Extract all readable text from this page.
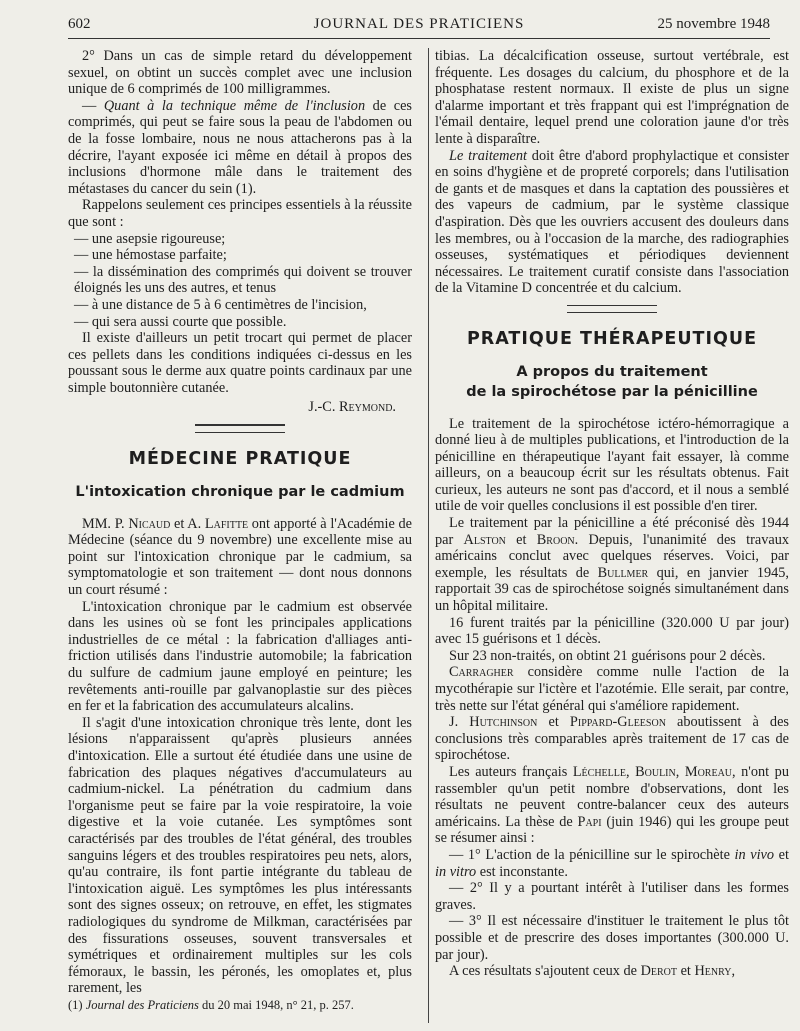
602	JOURNAL DES PRATICIENS	25 novembre 1948

2° Dans un cas de simple retard du développement sexuel, on obtint un succès complet avec une inclusion unique de 6 comprimés de 100 milligrammes.

— Quant à la technique même de l'inclusion de ces comprimés, qui peut se faire sous la peau de l'abdomen ou de la fosse lombaire, nous ne nous attacherons pas à la décrire, l'ayant exposée ici même en détail à propos des inclusions d'hormone mâle dans le traitement des métastases du cancer du sein (1).

Rappelons seulement ces principes essentiels à la réussite que sont :

— une asepsie rigoureuse;

— une hémostase parfaite;

— la dissémination des comprimés qui doivent se trouver éloignés les uns des autres, et tenus

— à une distance de 5 à 6 centimètres de l'incision,

— qui sera aussi courte que possible.

Il existe d'ailleurs un petit trocart qui permet de placer ces pellets dans les conditions indiquées ci-dessus en les poussant sous le derme aux quatre points cardinaux par une simple boutonnière cutanée.

J.-C. Reymond.

MÉDECINE PRATIQUE
L'intoxication chronique par le cadmium

MM. P. Nicaud et A. Lafitte ont apporté à l'Académie de Médecine (séance du 9 novembre) une excellente mise au point sur l'intoxication chronique par le cadmium, sa symptomatologie et son traitement — dont nous donnons un court résumé :

L'intoxication chronique par le cadmium est observée dans les usines où se font les principales applications industrielles de ce métal : la fabrication d'alliages anti-friction utilisés dans l'industrie automobile; la fabrication du sulfure de cadmium jaune employé en peinture; les revêtements anti-rouille par galvanoplastie sur des pièces en fer et la fabrication des accumulateurs alcalins.

Il s'agit d'une intoxication chronique très lente, dont les lésions n'apparaissent qu'après plusieurs années d'intoxication. Elle a surtout été étudiée dans une usine de fabrication des plaques négatives d'accumulateurs au cadmium-nickel. La pénétration du cadmium dans l'organisme peut se faire par la voie respiratoire, la voie digestive et la voie cutanée. Les symptômes sont caractérisés par des troubles de l'état général, des troubles sanguins légers et des troubles respiratoires peu nets, alors, qu'au contraire, ils font partie intégrante du tableau de l'intoxication aiguë. Les symptômes les plus intéressants sont des signes osseux; on retrouve, en effet, les stigmates radiologiques du syndrome de Milkman, caractérisées par des fissurations osseuses, souvent transversales et symétriques et ordinairement multiples sur les cols fémoraux, le bassin, les péronés, les omoplates et, plus rarement, les

(1) Journal des Praticiens du 20 mai 1948, n° 21, p. 257.

tibias. La décalcification osseuse, surtout vertébrale, est fréquente. Les dosages du calcium, du phosphore et de la phosphatase restent normaux. Il existe de plus un signe d'alarme important et très frappant qui est l'imprégnation de l'émail dentaire, lequel prend une coloration jaune d'or très lente à disparaître.

Le traitement doit être d'abord prophylactique et consister en soins d'hygiène et de propreté corporels; dans l'utilisation de gants et de masques et dans la captation des poussières et des vapeurs de cadmium, par le système classique d'aspiration. Dès que les ouvriers accusent des douleurs dans les membres, ou à l'occasion de la marche, des radiographies osseuses, systématiques et périodiques deviennent nécessaires. Le traitement curatif consiste dans l'association de la Vitamine D concentrée et du calcium.

PRATIQUE THÉRAPEUTIQUE
A propos du traitement
de la spirochétose par la pénicilline

Le traitement de la spirochétose ictéro-hémorragique a donné lieu à de multiples publications, et l'introduction de la pénicilline en thérapeutique l'ayant fait essayer, là comme ailleurs, on a beaucoup écrit sur les résultats obtenus. Fait curieux, les auteurs ne sont pas d'accord, et il nous a semblé utile de voir quelles conclusions il est possible d'en tirer.

Le traitement par la pénicilline a été préconisé dès 1944 par Alston et Broon. Depuis, l'unanimité des travaux américains conclut avec quelques réserves. Voici, par exemple, les résultats de Bullmer qui, en janvier 1945, rapportait 39 cas de spirochétose soignés simultanément dans un hôpital militaire.

16 furent traités par la pénicilline (320.000 U par jour) avec 15 guérisons et 1 décès.

Sur 23 non-traités, on obtint 21 guérisons pour 2 décès.

Carragher considère comme nulle l'action de la mycothérapie sur l'ictère et l'azotémie. Elle serait, par contre, très nette sur l'état général qui s'améliore rapidement.

J. Hutchinson et Pippard-Gleeson aboutissent à des conclusions très comparables après traitement de 17 cas de spirochétose.

Les auteurs français Léchelle, Boulin, Moreau, n'ont pu rassembler qu'un petit nombre d'observations, dont les résultats ne peuvent contre-balancer ceux des auteurs américains. La thèse de Papi (juin 1946) qui les groupe peut se résumer ainsi :

— 1° L'action de la pénicilline sur le spirochète in vivo et in vitro est inconstante.

— 2° Il y a pourtant intérêt à l'utiliser dans les formes graves.

— 3° Il est nécessaire d'instituer le traitement le plus tôt possible et de prescrire des doses importantes (300.000 U. par jour).

A ces résultats s'ajoutent ceux de Derot et Henry,
